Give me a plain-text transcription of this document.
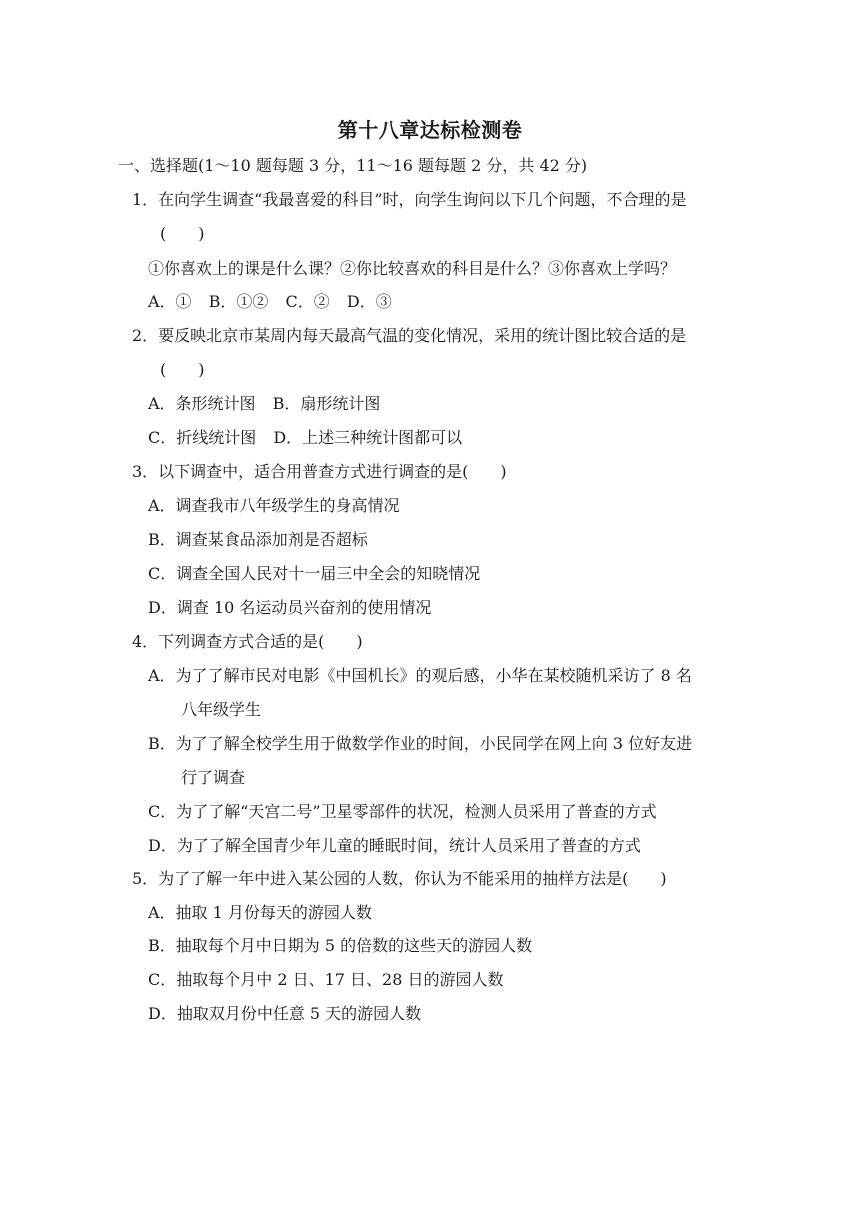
第十八章达标检测卷
一、选择题(1～10 题每题 3 分，11～16 题每题 2 分，共 42 分)
1．在向学生调查“我最喜爱的科目”时，向学生询问以下几个问题，不合理的是
(　　)
①你喜欢上的课是什么课？②你比较喜欢的科目是什么？③你喜欢上学吗？
A．① B．①② C．② D．③
2．要反映北京市某周内每天最高气温的变化情况，采用的统计图比较合适的是
(　　)
A．条形统计图 B．扇形统计图
C．折线统计图 D．上述三种统计图都可以
3．以下调查中，适合用普查方式进行调查的是(　　)
A．调查我市八年级学生的身高情况
B．调查某食品添加剂是否超标
C．调查全国人民对十一届三中全会的知晓情况
D．调查 10 名运动员兴奋剂的使用情况
4．下列调查方式合适的是(　　)
A．为了了解市民对电影《中国机长》的观后感，小华在某校随机采访了 8 名
八年级学生
B．为了了解全校学生用于做数学作业的时间，小民同学在网上向 3 位好友进
行了调查
C．为了了解“天宫二号”卫星零部件的状况，检测人员采用了普查的方式
D．为了了解全国青少年儿童的睡眠时间，统计人员采用了普查的方式
5．为了了解一年中进入某公园的人数，你认为不能采用的抽样方法是(　　)
A．抽取 1 月份每天的游园人数
B．抽取每个月中日期为 5 的倍数的这些天的游园人数
C．抽取每个月中 2 日、17 日、28 日的游园人数
D．抽取双月份中任意 5 天的游园人数
